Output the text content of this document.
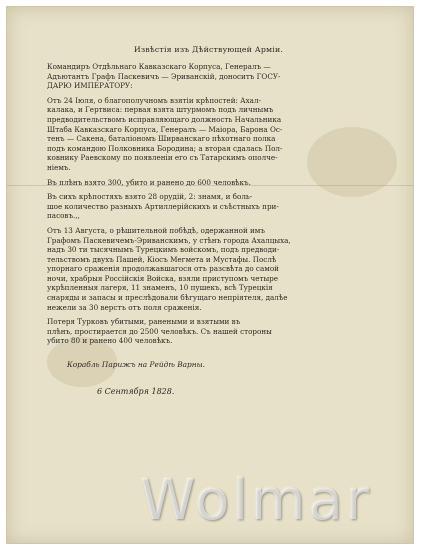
Извѣстія изъ Дѣйствующей Арміи.

Командиръ Отдѣльнаго Кавказскаго Корпуса, Генералъ —
Адъютантъ Графъ Паскевичъ — Эриванскій, доноситъ ГОСУ-
ДАРЮ ИМПЕРАТОРУ:

Отъ 24 Іюля, о благополучномъ взятіи крѣпостей: Ахал-
калака, и Гертвиса: первая взята штурмомъ подъ личнымъ
предводительствомъ исправляющаго должность Начальника
Штаба Кавказскаго Корпуса, Генералъ — Маіора, Барона Ос-
тенъ — Сакена, баталіономъ Ширванскаго пѣхотнаго полка
подъ командою Полковника Бородина; а вторая сдалась Пол-
ковнику Раевскому по появленіи его съ Татарскимъ ополче-
ніемъ.

Въ плѣнъ взято 300, убито и ранено до 600 человѣкъ.

Въ сихъ крѣпостяхъ взято 28 орудій, 2: знамя, и боль-
шое количество разныхъ Артиллерійскихъ и съѣстныхъ при-
пасовъ.,,

Отъ 13 Августа, о рѣшительной побѣдѣ, одержанной имъ
Графомъ Паскевичемъ-Эриванскимъ, у стѣнъ города Ахалцыха,
надъ 30 ти тысячнымъ Турецкимъ войскомъ, подъ предводи-
тельствомъ двухъ Пашей, Кіосъ Мегмета и Мустафы. Послѣ
упорнаго сраженія продолжавшагося отъ разсвѣта до самой
ночи, храбрыя Россійскія Войска, взяли приступомъ четыре
укрѣпленныя лагеря, 11 знаменъ, 10 пушекъ, всѣ Турецкія
снаряды и запасы и преслѣдовали бѣгущаго непріятеля, далѣе
нежели за 30 верстъ отъ поля сраженія.

Потеря Турковъ убитыми, ранеными и взятыми въ
плѣнъ, простирается до 2500 человѣкъ. Съ нашей стороны
убито 80 и ранено 400 человѣкъ.

Корабль Парижъ на Рейдѣ Варны.
6 Сентября 1828.
Wolmar
